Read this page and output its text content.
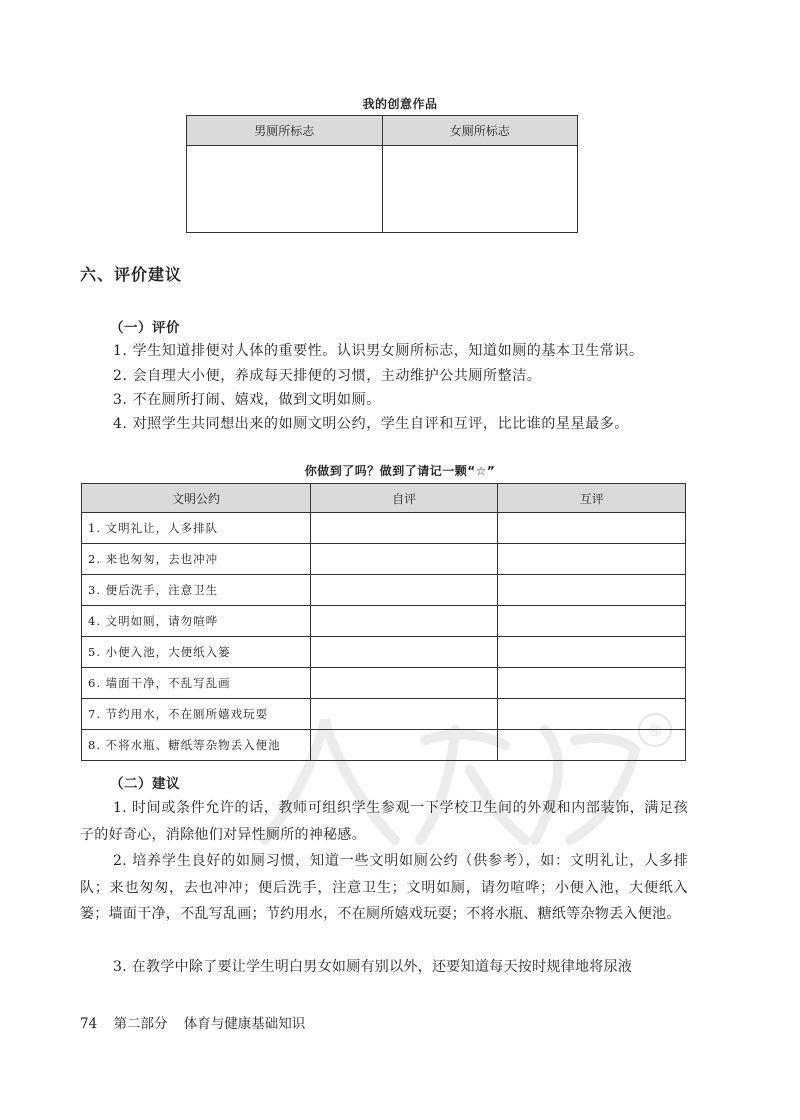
®
我的创意作品
男厕所标志	女厕所标志

六、评价建议
（一）评价
1. 学生知道排便对人体的重要性。认识男女厕所标志，知道如厕的基本卫生常识。
2. 会自理大小便，养成每天排便的习惯，主动维护公共厕所整洁。
3. 不在厕所打闹、嬉戏，做到文明如厕。
4. 对照学生共同想出来的如厕文明公约，学生自评和互评，比比谁的星星最多。
你做到了吗？做到了请记一颗“☆”
文明公约	自评	互评
1. 文明礼让，人多排队		
2. 来也匆匆，去也冲冲		
3. 便后洗手，注意卫生		
4. 文明如厕，请勿喧哗		
5. 小便入池，大便纸入篓		
6. 墙面干净，不乱写乱画		
7. 节约用水，不在厕所嬉戏玩耍		
8. 不将水瓶、糖纸等杂物丢入便池		
（二）建议
1. 时间或条件允许的话，教师可组织学生参观一下学校卫生间的外观和内部装饰，满足孩子的好奇心，消除他们对异性厕所的神秘感。
2. 培养学生良好的如厕习惯，知道一些文明如厕公约（供参考），如：文明礼让，人多排队；来也匆匆，去也冲冲；便后洗手，注意卫生；文明如厕，请勿喧哗；小便入池，大便纸入篓；墙面干净，不乱写乱画；节约用水，不在厕所嬉戏玩耍；不将水瓶、糖纸等杂物丢入便池。
3. 在教学中除了要让学生明白男女如厕有别以外，还要知道每天按时规律地将尿液
74 第二部分 体育与健康基础知识
